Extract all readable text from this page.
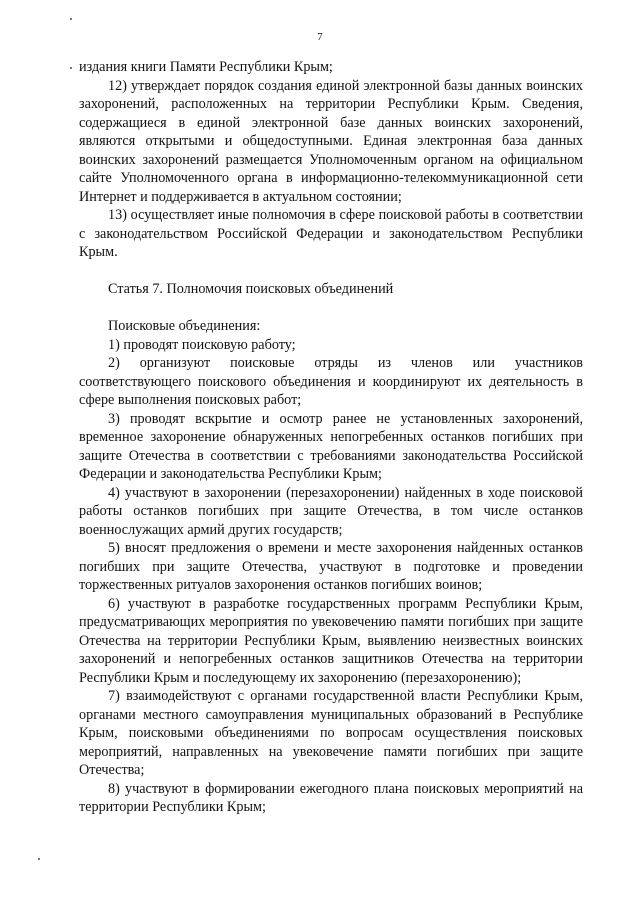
7

издания книги Памяти Республики Крым;

12) утверждает порядок создания единой электронной базы данных воинских захоронений, расположенных на территории Республики Крым. Сведения, содержащиеся в единой электронной базе данных воинских захоронений, являются открытыми и общедоступными. Единая электронная база данных воинских захоронений размещается Уполномоченным органом на официальном сайте Уполномоченного органа в информационно-телекоммуникационной сети Интернет и поддерживается в актуальном состоянии;

13) осуществляет иные полномочия в сфере поисковой работы в соответствии с законодательством Российской Федерации и законодательством Республики Крым.

Статья 7. Полномочия поисковых объединений

Поисковые объединения:

1) проводят поисковую работу;

2) организуют поисковые отряды из членов или участников соответствующего поискового объединения и координируют их деятельность в сфере выполнения поисковых работ;

3) проводят вскрытие и осмотр ранее не установленных захоронений, временное захоронение обнаруженных непогребенных останков погибших при защите Отечества в соответствии с требованиями законодательства Российской Федерации и законодательства Республики Крым;

4) участвуют в захоронении (перезахоронении) найденных в ходе поисковой работы останков погибших при защите Отечества, в том числе останков военнослужащих армий других государств;

5) вносят предложения о времени и месте захоронения найденных останков погибших при защите Отечества, участвуют в подготовке и проведении торжественных ритуалов захоронения останков погибших воинов;

6) участвуют в разработке государственных программ Республики Крым, предусматривающих мероприятия по увековечению памяти погибших при защите Отечества на территории Республики Крым, выявлению неизвестных воинских захоронений и непогребенных останков защитников Отечества на территории Республики Крым и последующему их захоронению (перезахоронению);

7) взаимодействуют с органами государственной власти Республики Крым, органами местного самоуправления муниципальных образований в Республике Крым, поисковыми объединениями по вопросам осуществления поисковых мероприятий, направленных на увековечение памяти погибших при защите Отечества;

8) участвуют в формировании ежегодного плана поисковых мероприятий на территории Республики Крым;
